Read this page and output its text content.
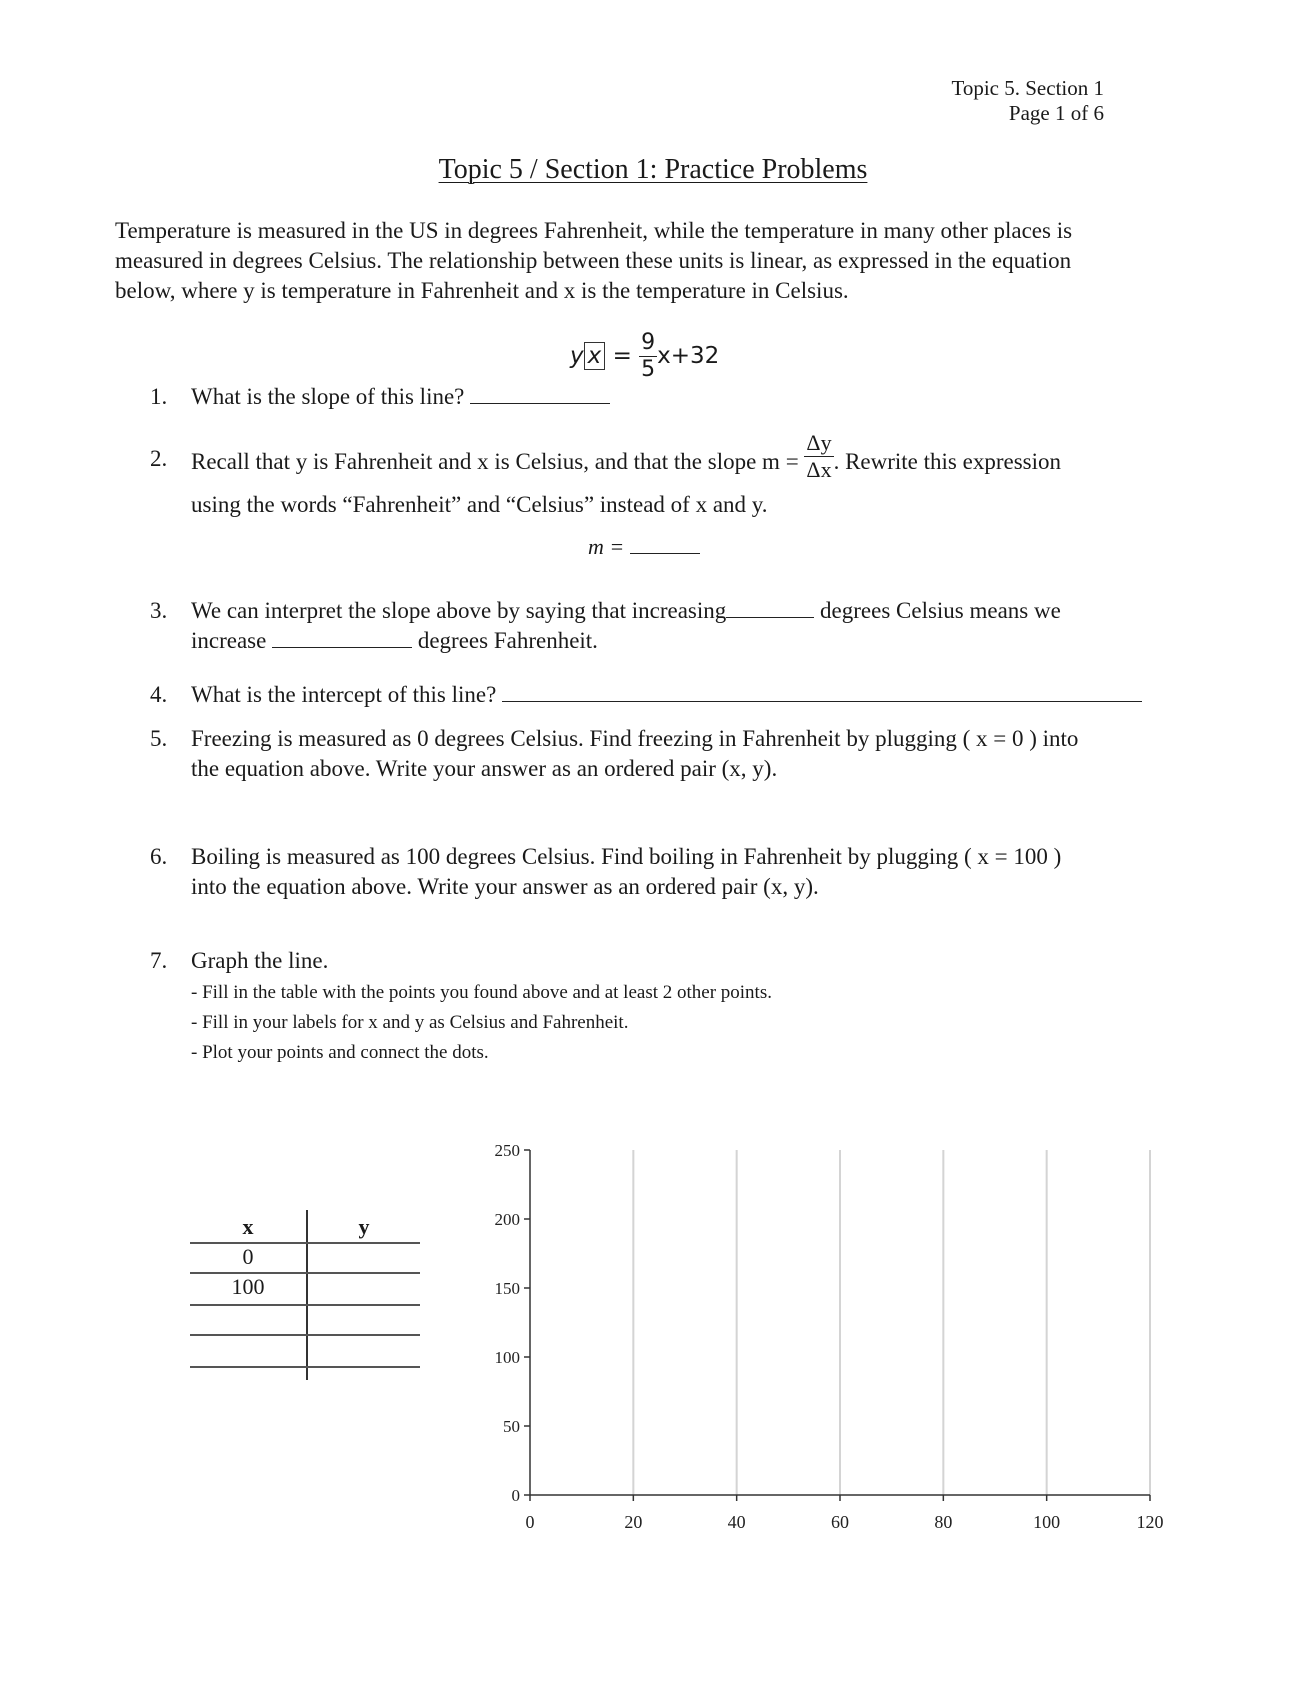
Topic 5. Section 1
Page 1 of 6
Topic 5 / Section 1: Practice Problems
Temperature is measured in the US in degrees Fahrenheit, while the temperature in many other places is
measured in degrees Celsius. The relationship between these units is linear, as expressed in the equation
below, where y is temperature in Fahrenheit and x is the temperature in Celsius.
y $x = \frac{9}{5} x+32$
1. What is the slope of this line?
2. Recall that y is Fahrenheit and x is Celsius, and that the slope $m = \frac{\Delta y}{\Delta x}$ . Rewrite this expression
using the words “Fahrenheit” and “Celsius” instead of x and y.
m =
3. We can interpret the slope above by saying that increasing	degrees Celsius means we
increase	degrees Fahrenheit.
4. What is the intercept of this line?
5. Freezing is measured as 0 degrees Celsius. Find freezing in Fahrenheit by plugging ( x = 0 ) into
the equation above. Write your answer as an ordered pair (x, y).
6. Boiling is measured as 100 degrees Celsius. Find boiling in Fahrenheit by plugging ( x = 100 )
into the equation above. Write your answer as an ordered pair (x, y).
7. Graph the line.
- Fill in the table with the points you found above and at least 2 other points.
- Fill in your labels for x and y as Celsius and Fahrenheit.
- Plot your points and connect the dots.
x	y
0
100
0	20	40	60	80	100	120
0
50
100
150
200
250
